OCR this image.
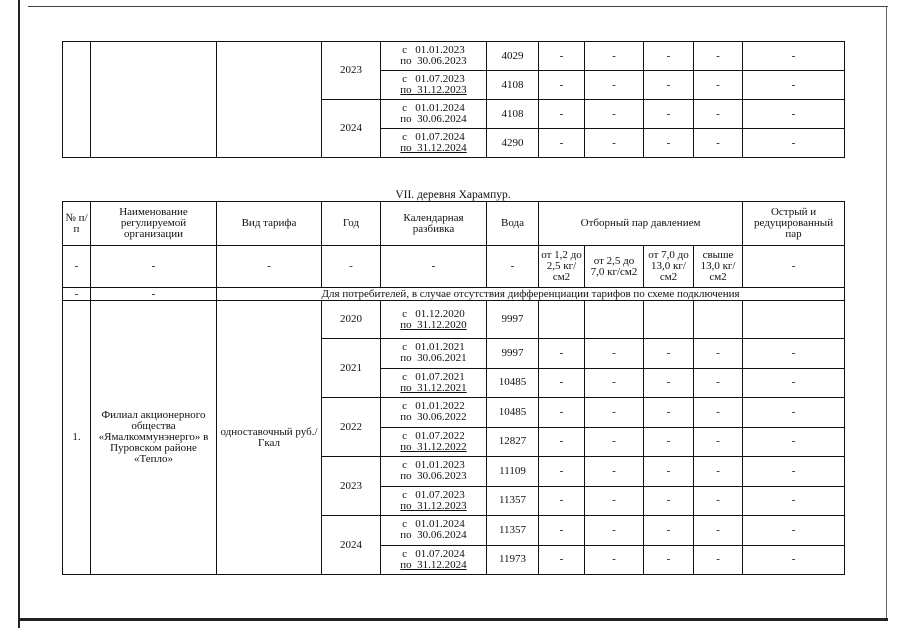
			2023	с   01.01.2023
по  30.06.2023	4029	-	-	-	-	-

				с   01.07.2023
по  31.12.2023	4108	-	-	-	-	-
			2024	с   01.01.2024
по  30.06.2024	4108	-	-	-	-	-

				с   01.07.2024
по  31.12.2024	4290	-	-	-	-	-
VII. деревня Харампур.
№ п/п	Наименование регулируемой организации	Вид тарифа	Год	Календарная разбивка	Вода	Отборный пар давлением				Острый и редуцированный пар
-	-	-	-	-	-	от 1,2 до 2,5 кг/см2	от 2,5 до 7,0 кг/см2	от 7,0 до 13,0 кг/см2	свыше 13,0 кг/см2	-
-	-	Для потребителей, в случае отсутствия дифференциации тарифов по схеме подключения								
1.	Филиал акционерного общества «Ямалкоммунэнерго» в Пуровском районе «Тепло»	одноставочный руб./Гкал	2020	с   01.12.2020
по  31.12.2020	9997					
			2021	с   01.01.2021
по  30.06.2021	9997	-	-	-	-	-

				с   01.07.2021
по  31.12.2021	10485	-	-	-	-	-
			2022	с   01.01.2022
по  30.06.2022	10485	-	-	-	-	-

				с   01.07.2022
по  31.12.2022	12827	-	-	-	-	-
			2023	с   01.01.2023
по  30.06.2023	11109	-	-	-	-	-

				с   01.07.2023
по  31.12.2023	11357	-	-	-	-	-
			2024	с   01.01.2024
по  30.06.2024	11357	-	-	-	-	-

				с   01.07.2024
по  31.12.2024	11973	-	-	-	-	-
